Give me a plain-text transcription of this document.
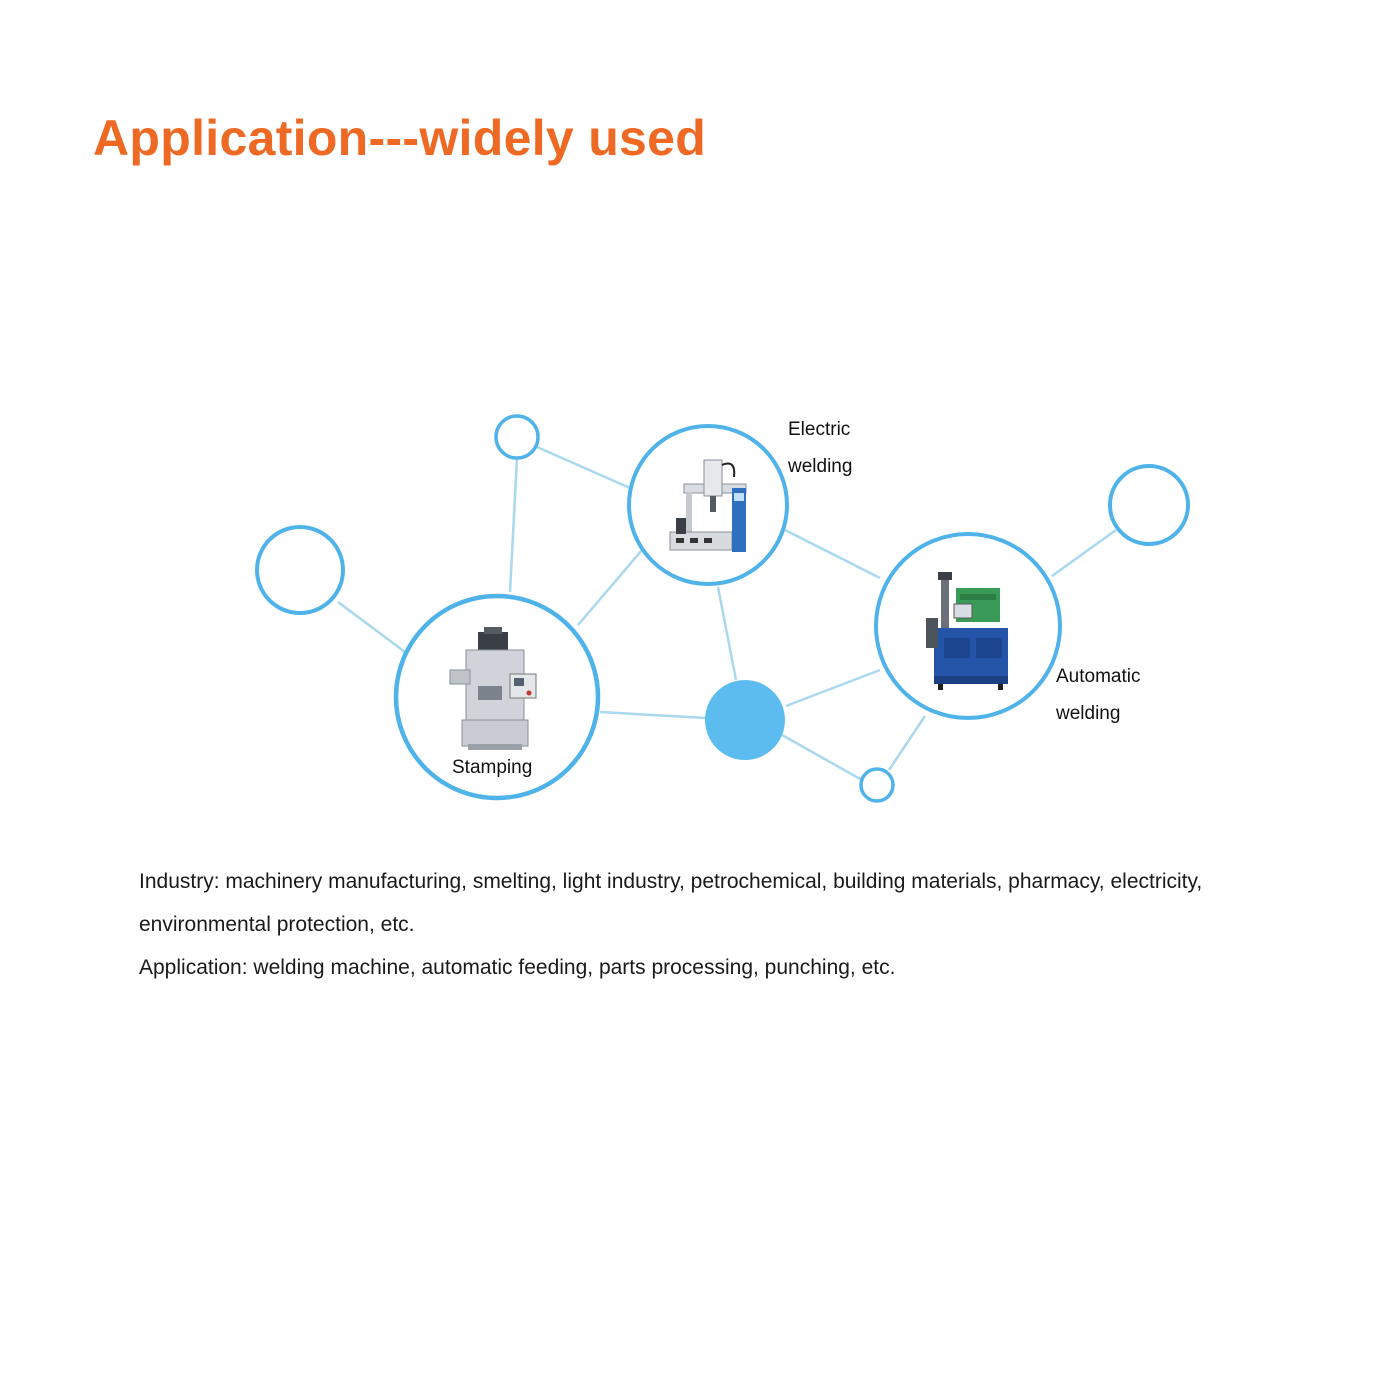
Application---widely used
Electric
welding
Automatic
welding
Stamping

Industry: machinery manufacturing, smelting, light industry, petrochemical, building materials, pharmacy, electricity, environmental protection, etc.

Application: welding machine, automatic feeding, parts processing, punching, etc.
